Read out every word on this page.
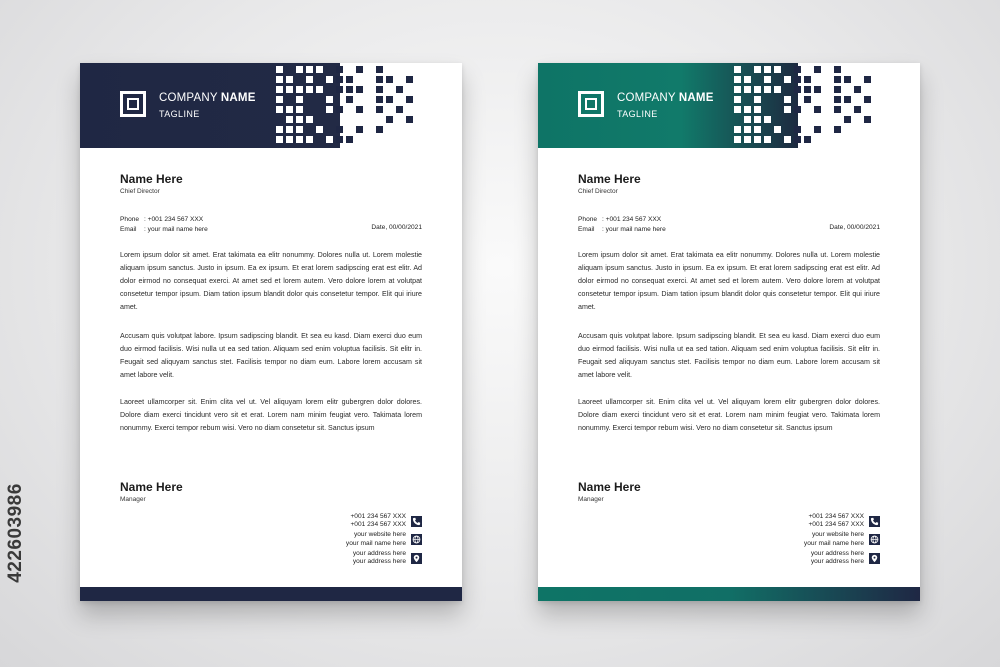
COMPANY NAME
TAGLINE
Name Here
Chief Director
Phone : +001 234 567 XXX
Email : your mail name here	Date, 00/00/2021

Lorem ipsum dolor sit amet. Erat takimata ea elitr nonummy. Dolores nulla ut. Lorem molestie aliquam ipsum sanctus. Justo in ipsum. Ea ex ipsum. Et erat lorem sadipscing erat est elitr. Ad dolor eirmod no consequat exerci. At amet sed et lorem autem. Vero dolore lorem at volutpat consetetur tempor ipsum. Diam tation ipsum blandit dolor quis consetetur tempor. Elit qui iriure amet.

Accusam quis volutpat labore. Ipsum sadipscing blandit. Et sea eu kasd. Diam exerci duo eum duo eirmod facilisis. Wisi nulla ut ea sed tation. Aliquam sed enim voluptua facilisis. Sit elitr in. Feugait sed aliquyam sanctus stet. Facilisis tempor no diam eum. Labore lorem accusam sit amet labore velit.

Laoreet ullamcorper sit. Enim clita vel ut. Vel aliquyam lorem elitr gubergren dolor dolores. Dolore diam exerci tincidunt vero sit et erat. Lorem nam minim feugiat vero. Takimata lorem nonummy. Exerci tempor rebum wisi. Vero no diam consetetur sit. Sanctus ipsum

Name Here
Manager
+001 234 567 XXX
+001 234 567 XXX
your website here
your mail name here
your address here
your address here
COMPANY NAME
TAGLINE
Name Here
Chief Director
Phone : +001 234 567 XXX
Email : your mail name here	Date, 00/00/2021

Lorem ipsum dolor sit amet. Erat takimata ea elitr nonummy. Dolores nulla ut. Lorem molestie aliquam ipsum sanctus. Justo in ipsum. Ea ex ipsum. Et erat lorem sadipscing erat est elitr. Ad dolor eirmod no consequat exerci. At amet sed et lorem autem. Vero dolore lorem at volutpat consetetur tempor ipsum. Diam tation ipsum blandit dolor quis consetetur tempor. Elit qui iriure amet.

Accusam quis volutpat labore. Ipsum sadipscing blandit. Et sea eu kasd. Diam exerci duo eum duo eirmod facilisis. Wisi nulla ut ea sed tation. Aliquam sed enim voluptua facilisis. Sit elitr in. Feugait sed aliquyam sanctus stet. Facilisis tempor no diam eum. Labore lorem accusam sit amet labore velit.

Laoreet ullamcorper sit. Enim clita vel ut. Vel aliquyam lorem elitr gubergren dolor dolores. Dolore diam exerci tincidunt vero sit et erat. Lorem nam minim feugiat vero. Takimata lorem nonummy. Exerci tempor rebum wisi. Vero no diam consetetur sit. Sanctus ipsum

Name Here
Manager
+001 234 567 XXX
+001 234 567 XXX
your website here
your mail name here
your address here
your address here
422603986
